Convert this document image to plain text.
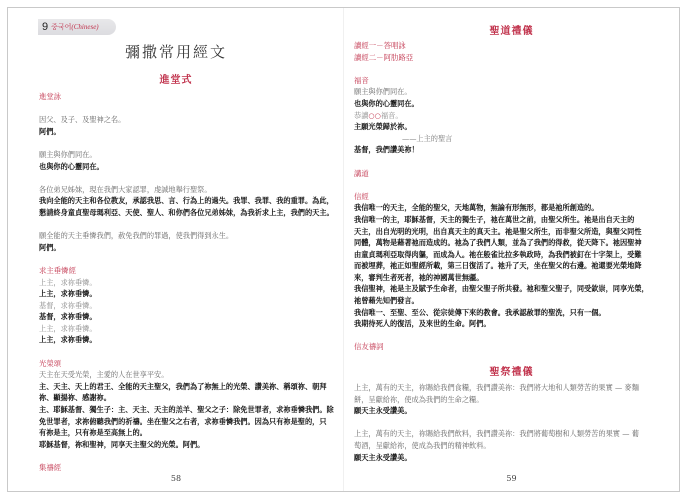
9 중국어(Chinese)
彌撒常用經文
進堂式
進堂詠
因父、及子、及聖神之名。
阿們。
願主與你們同在。
也與你的心靈同在。
各位弟兄姊妹，現在我們大家認罪，虔誠地舉行聖祭。
我向全能的天主和各位教友，承認我思、言、行為上的過失。我罪、我罪、我的重罪。為此，
懇請終身童貞聖母瑪利亞、天使、聖人、和你們各位兄弟姊妹，為我祈求上主，我們的天主。
願全能的天主垂憐我們，赦免我們的罪過，使我們得到永生。
阿們。
求主垂憐經
上主，求祢垂憐。
上主，求祢垂憐。
基督，求祢垂憐。
基督，求祢垂憐。
上主，求祢垂憐。
上主，求祢垂憐。
光榮頌
天主在天受光榮，主愛的人在世享平安。
主、天主、天上的君王、全能的天主聖父，我們為了祢無上的光榮、讚美祢、稱頌祢、朝拜
祢、顯揚祢、感謝祢。
主、耶穌基督、獨生子：主、天主、天主的羔羊、聖父之子：除免世罪者，求祢垂憐我們。除
免世罪者，求祢俯聽我們的祈禱。坐在聖父之右者，求祢垂憐我們。因為只有祢是聖的，只
有祢是主，只有祢是至高無上的。
耶穌基督，祢和聖神，同享天主聖父的光榮。阿們。
集禱經
58
聖道禮儀
讀經一－答唱詠
讀經二－阿肋路亞
福音
願主與你們同在。
也與你的心靈同在。
恭讀○○福音。
主願光榮歸於祢。
——上主的聖言
基督，我們讚美祢！
講道
信經
我信唯一的天主，全能的聖父，天地萬物，無論有形無形，都是祂所創造的。
我信唯一的主，耶穌基督，天主的獨生子，祂在萬世之前，由聖父所生。祂是出自天主的
天主，出自光明的光明，出自真天主的真天主。祂是聖父所生，而非聖父所造，與聖父同性
同體，萬物是藉著祂而造成的。祂為了我們人類，並為了我們的得救，從天降下。祂因聖神
由童貞瑪利亞取得肉軀，而成為人。祂在般雀比拉多執政時，為我們被釘在十字架上，受難
而被埋葬，祂正如聖經所載，第三日復活了。祂升了天，坐在聖父的右邊。祂還要光榮地降
來，審判生者死者，祂的神國萬世無疆。
我信聖神，祂是主及賦予生命者，由聖父聖子所共發。祂和聖父聖子，同受欽崇，同享光榮，
祂曾藉先知們發言。
我信唯一、至聖、至公、從宗徒傳下來的教會。我承認赦罪的聖洗，只有一個。
我期待死人的復活，及來世的生命。阿們。
信友禱詞
聖祭禮儀
上主，萬有的天主，祢賜給我們食糧，我們讚美祢：我們將大地和人類勞苦的果實 — 麥麵
餅，呈獻給祢，使成為我們的生命之糧。
願天主永受讚美。
上主，萬有的天主，祢賜給我們飲料，我們讚美祢：我們將葡萄樹和人類勞苦的果實 — 葡
萄酒，呈獻給祢，使成為我們的精神飲料。
願天主永受讚美。
59
